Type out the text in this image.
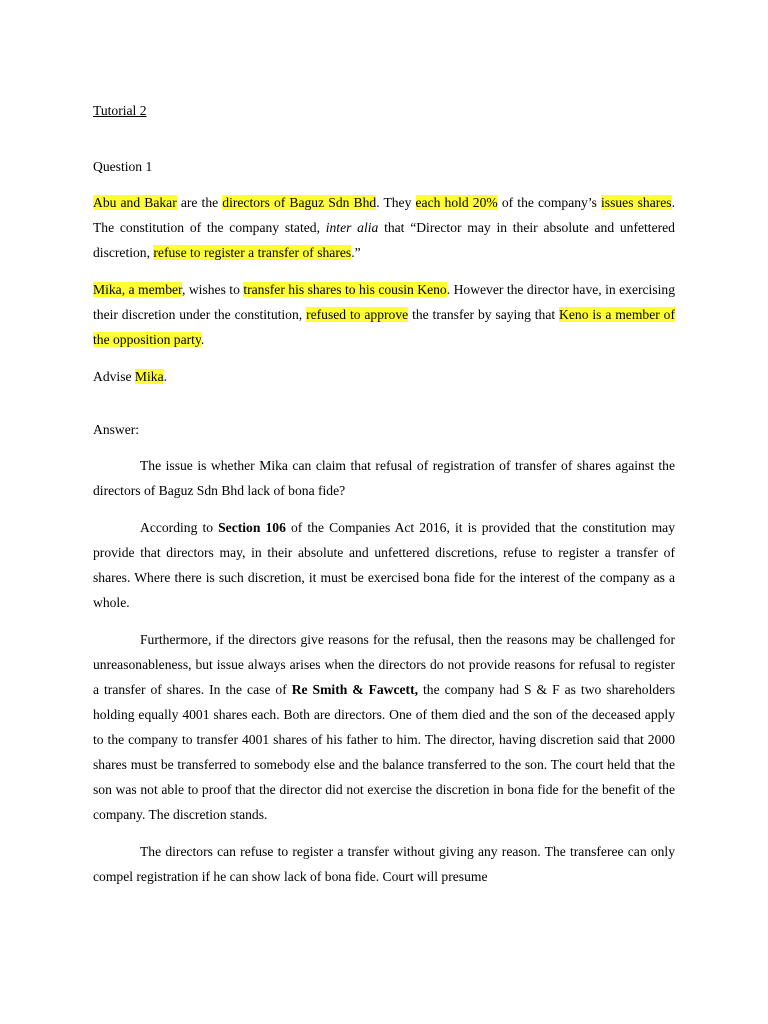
Tutorial 2
Question 1

Abu and Bakar are the directors of Baguz Sdn Bhd. They each hold 20% of the company’s issues shares. The constitution of the company stated, inter alia that “Director may in their absolute and unfettered discretion, refuse to register a transfer of shares.”

Mika, a member, wishes to transfer his shares to his cousin Keno. However the director have, in exercising their discretion under the constitution, refused to approve the transfer by saying that Keno is a member of the opposition party.

Advise Mika.

Answer:

The issue is whether Mika can claim that refusal of registration of transfer of shares against the directors of Baguz Sdn Bhd lack of bona fide?

According to Section 106 of the Companies Act 2016, it is provided that the constitution may provide that directors may, in their absolute and unfettered discretions, refuse to register a transfer of shares. Where there is such discretion, it must be exercised bona fide for the interest of the company as a whole.

Furthermore, if the directors give reasons for the refusal, then the reasons may be challenged for unreasonableness, but issue always arises when the directors do not provide reasons for refusal to register a transfer of shares. In the case of Re Smith & Fawcett, the company had S & F as two shareholders holding equally 4001 shares each. Both are directors. One of them died and the son of the deceased apply to the company to transfer 4001 shares of his father to him. The director, having discretion said that 2000 shares must be transferred to somebody else and the balance transferred to the son. The court held that the son was not able to proof that the director did not exercise the discretion in bona fide for the benefit of the company. The discretion stands.

The directors can refuse to register a transfer without giving any reason. The transferee can only compel registration if he can show lack of bona fide. Court will presume
